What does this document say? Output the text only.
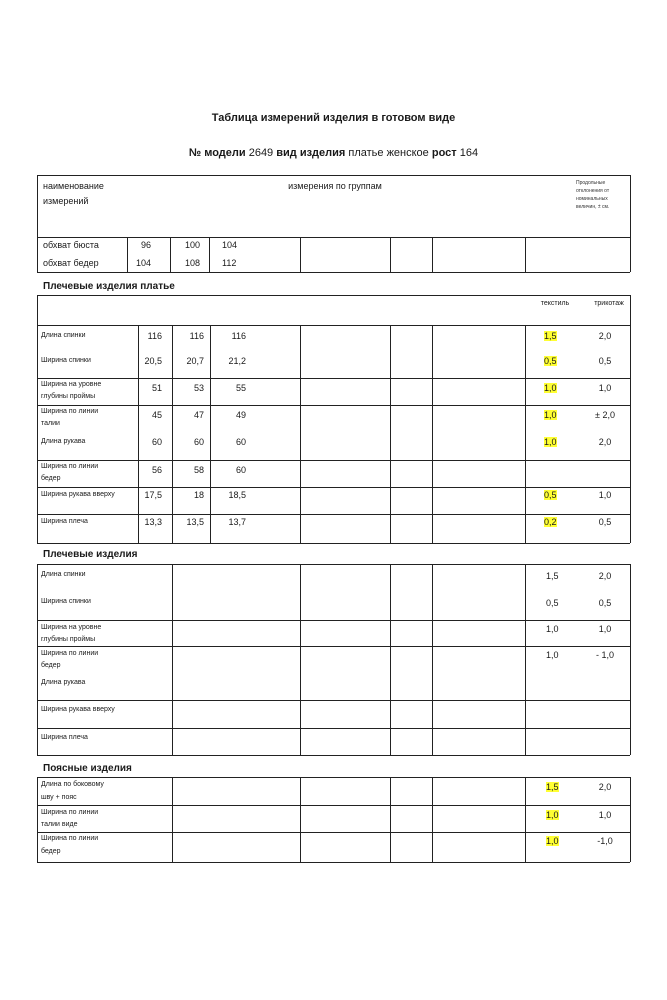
Таблица измерений изделия в готовом виде
№ модели 2649 вид изделия платье женское рост 164
наименование
измерений
измерения по группам	Продольные отклонения от номинальных величин, ± см.
обхват бюста	96	100 104
обхват бедер	104	108 112
Плечевые изделия платье
текстиль	трикотаж
Длина спинки	116	116	116	1,5	2,0
Ширина спинки	20,5	20,7	21,2	0,5	0,5
Ширина на уровне
глубины проймы
51	53	55	1,0	1,0
Ширина по линии
талии
45	47	49	1,0	± 2,0
Длина рукава	60	60	60	1,0	2,0
Ширина по линии
бедер
56	58	60
Ширина рукава вверху	17,5	18	18,5	0,5	1,0
Ширина плеча	13,3	13,5	13,7	0,2	0,5
Плечевые изделия
Длина спинки	1,5	2,0
Ширина спинки	0,5	0,5
Ширина на уровне
глубины проймы
1,0	1,0
Ширина по линии
бедер
1,0	- 1,0
Длина рукава
Ширина рукава вверху
Ширина плеча
Поясные изделия
Длина по боковому
шву + пояс
1,5	2,0
Ширина по линии
талии виде
1,0	1,0
Ширина по линии
бедер
1,0	-1,0
